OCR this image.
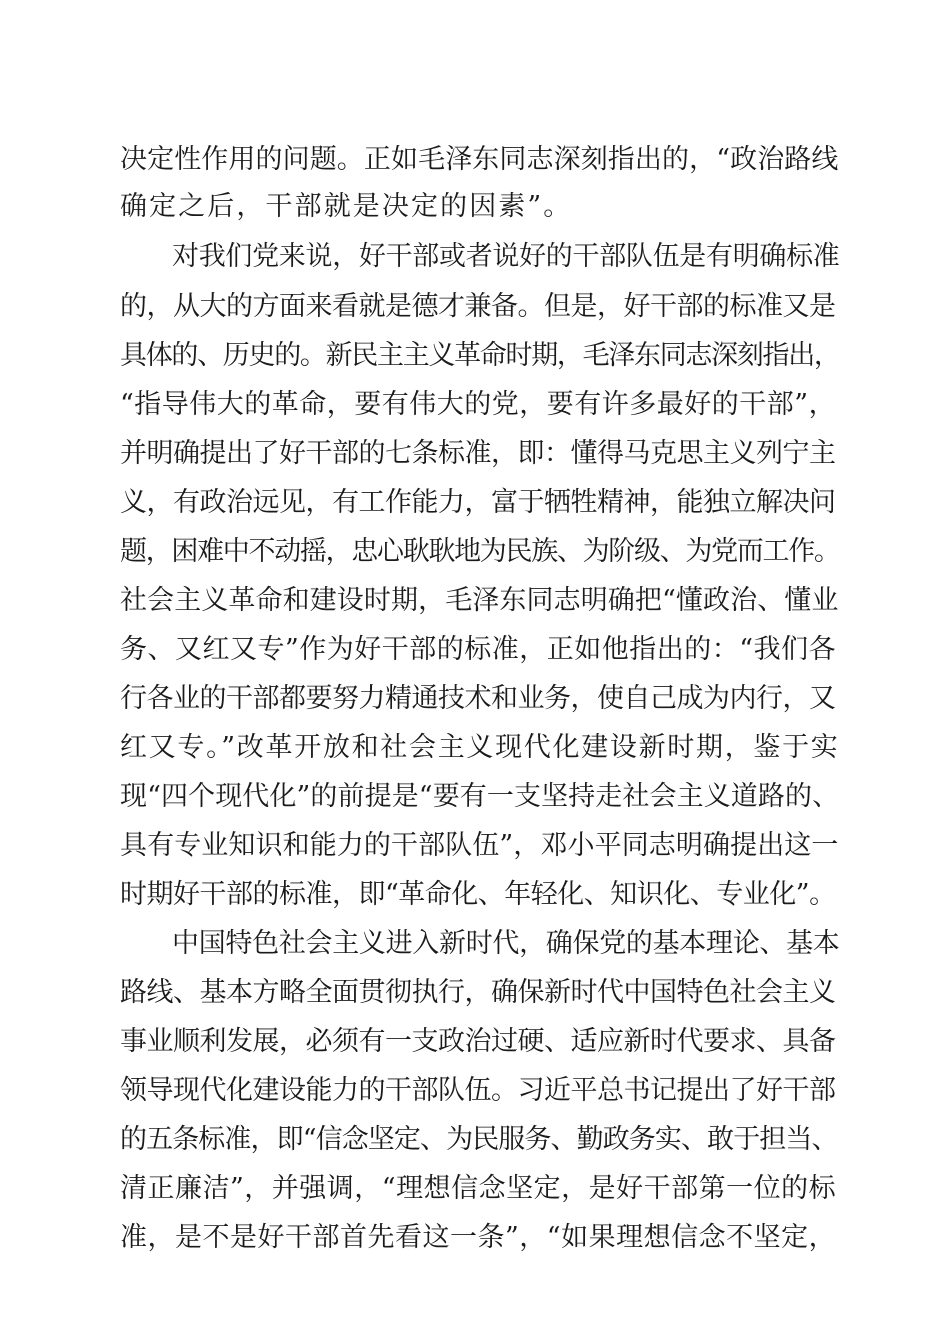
决定性作用的问题。正如毛泽东同志深刻指出的，“政治路线
确定之后，干部就是决定的因素”。
对我们党来说，好干部或者说好的干部队伍是有明确标准
的，从大的方面来看就是德才兼备。但是，好干部的标准又是
具体的、历史的。新民主主义革命时期，毛泽东同志深刻指出，
“指导伟大的革命，要有伟大的党，要有许多最好的干部”，
并明确提出了好干部的七条标准，即：懂得马克思主义列宁主
义，有政治远见，有工作能力，富于牺牲精神，能独立解决问
题，困难中不动摇，忠心耿耿地为民族、为阶级、为党而工作。
社会主义革命和建设时期，毛泽东同志明确把“懂政治、懂业
务、又红又专”作为好干部的标准，正如他指出的：“我们各
行各业的干部都要努力精通技术和业务，使自己成为内行，又
红又专。”改革开放和社会主义现代化建设新时期，鉴于实
现“四个现代化”的前提是“要有一支坚持走社会主义道路的、
具有专业知识和能力的干部队伍”，邓小平同志明确提出这一
时期好干部的标准，即“革命化、年轻化、知识化、专业化”。
中国特色社会主义进入新时代，确保党的基本理论、基本
路线、基本方略全面贯彻执行，确保新时代中国特色社会主义
事业顺利发展，必须有一支政治过硬、适应新时代要求、具备
领导现代化建设能力的干部队伍。习近平总书记提出了好干部
的五条标准，即“信念坚定、为民服务、勤政务实、敢于担当、
清正廉洁”，并强调，“理想信念坚定，是好干部第一位的标
准，是不是好干部首先看这一条”，“如果理想信念不坚定，
